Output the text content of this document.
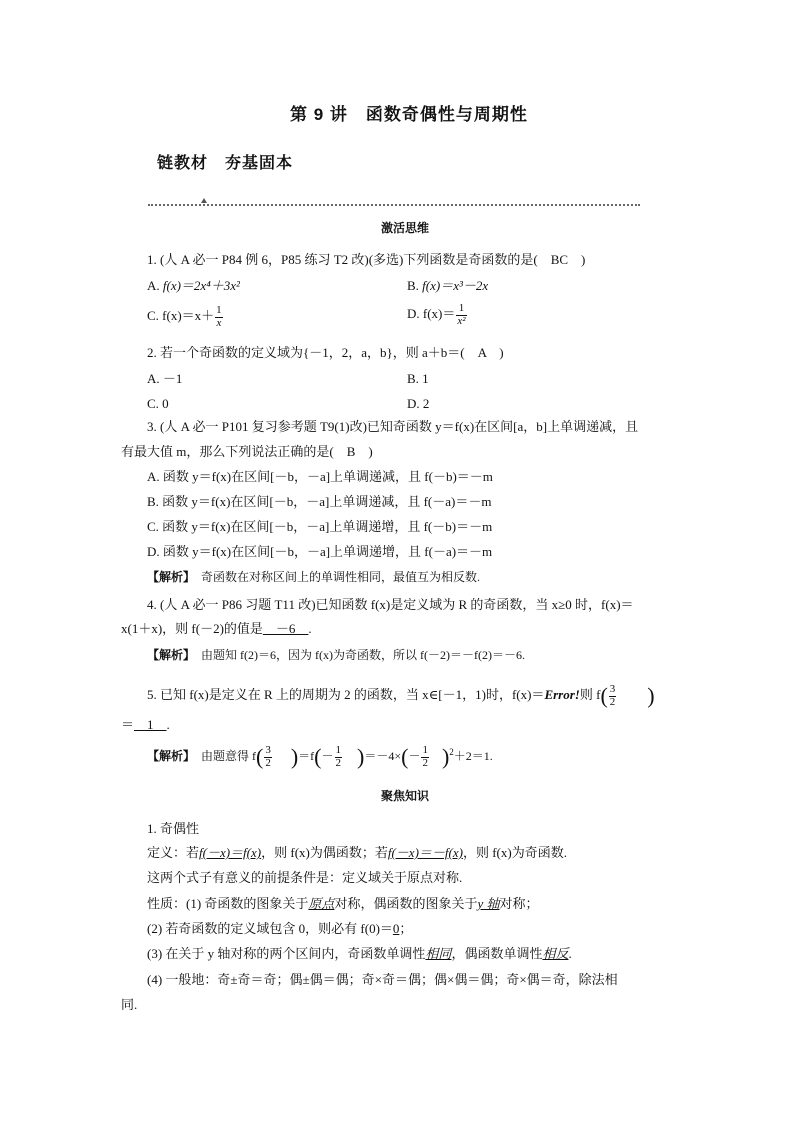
第 9 讲　函数奇偶性与周期性
链教材　夯基固本
激活思维
1. (人 A 必一 P84 例 6，P85 练习 T2 改)(多选)下列函数是奇函数的是(　BC　)
A. f(x)＝2x⁴＋3x²	B. f(x)＝x³－2x
C. $f(x)=x+ \frac{1}{x}$	D. $f(x)= \frac{1}{\text{x²}}$
2. 若一个奇函数的定义域为{－1，2，a，b}，则 a＋b＝(　A　)
A. －1	B. 1
C. 0	D. 2
3. (人 A 必一 P101 复习参考题 T9(1)改)已知奇函数 y＝f(x)在区间[a，b]上单调递减，且
有最大值 m，那么下列说法正确的是(　B　)
A. 函数 y＝f(x)在区间[－b，－a]上单调递减，且 f(－b)＝－m
B. 函数 y＝f(x)在区间[－b，－a]上单调递减，且 f(－a)＝－m
C. 函数 y＝f(x)在区间[－b，－a]上单调递增，且 f(－b)＝－m
D. 函数 y＝f(x)在区间[－b，－a]上单调递增，且 f(－a)＝－m
【解析】 奇函数在对称区间上的单调性相同，最值互为相反数.
4. (人 A 必一 P86 习题 T11 改)已知函数 f(x)是定义域为 R 的奇函数，当 x≥0 时，f(x)＝
x(1＋x)，则 f(－2)的值是　－6　.
【解析】 由题知 f(2)＝6，因为 f(x)为奇函数，所以 f(－2)＝－f(2)＝－6.
5. 已知 f(x)是定义在 R 上的周期为 2 的函数，当 x∈[－1，1)时，f(x)＝Error!则 $f( \frac{3}{2}$ )
＝　1　.
【解析】 由题意得 $f( \frac{3}{2} )=f(- \frac{1}{2} )=-4\times(- \frac{1}{2} )^2+2=1$.
聚焦知识
1. 奇偶性
定义：若f(－x)＝f(x)，则 f(x)为偶函数；若f(－x)＝－f(x)，则 f(x)为奇函数.
这两个式子有意义的前提条件是：定义域关于原点对称.
性质：(1) 奇函数的图象关于原点对称，偶函数的图象关于y 轴对称；
(2) 若奇函数的定义域包含 0，则必有 f(0)＝0；
(3) 在关于 y 轴对称的两个区间内，奇函数单调性相同，偶函数单调性相反.
(4) 一般地：奇±奇＝奇；偶±偶＝偶；奇×奇＝偶；偶×偶＝偶；奇×偶＝奇，除法相
同.
